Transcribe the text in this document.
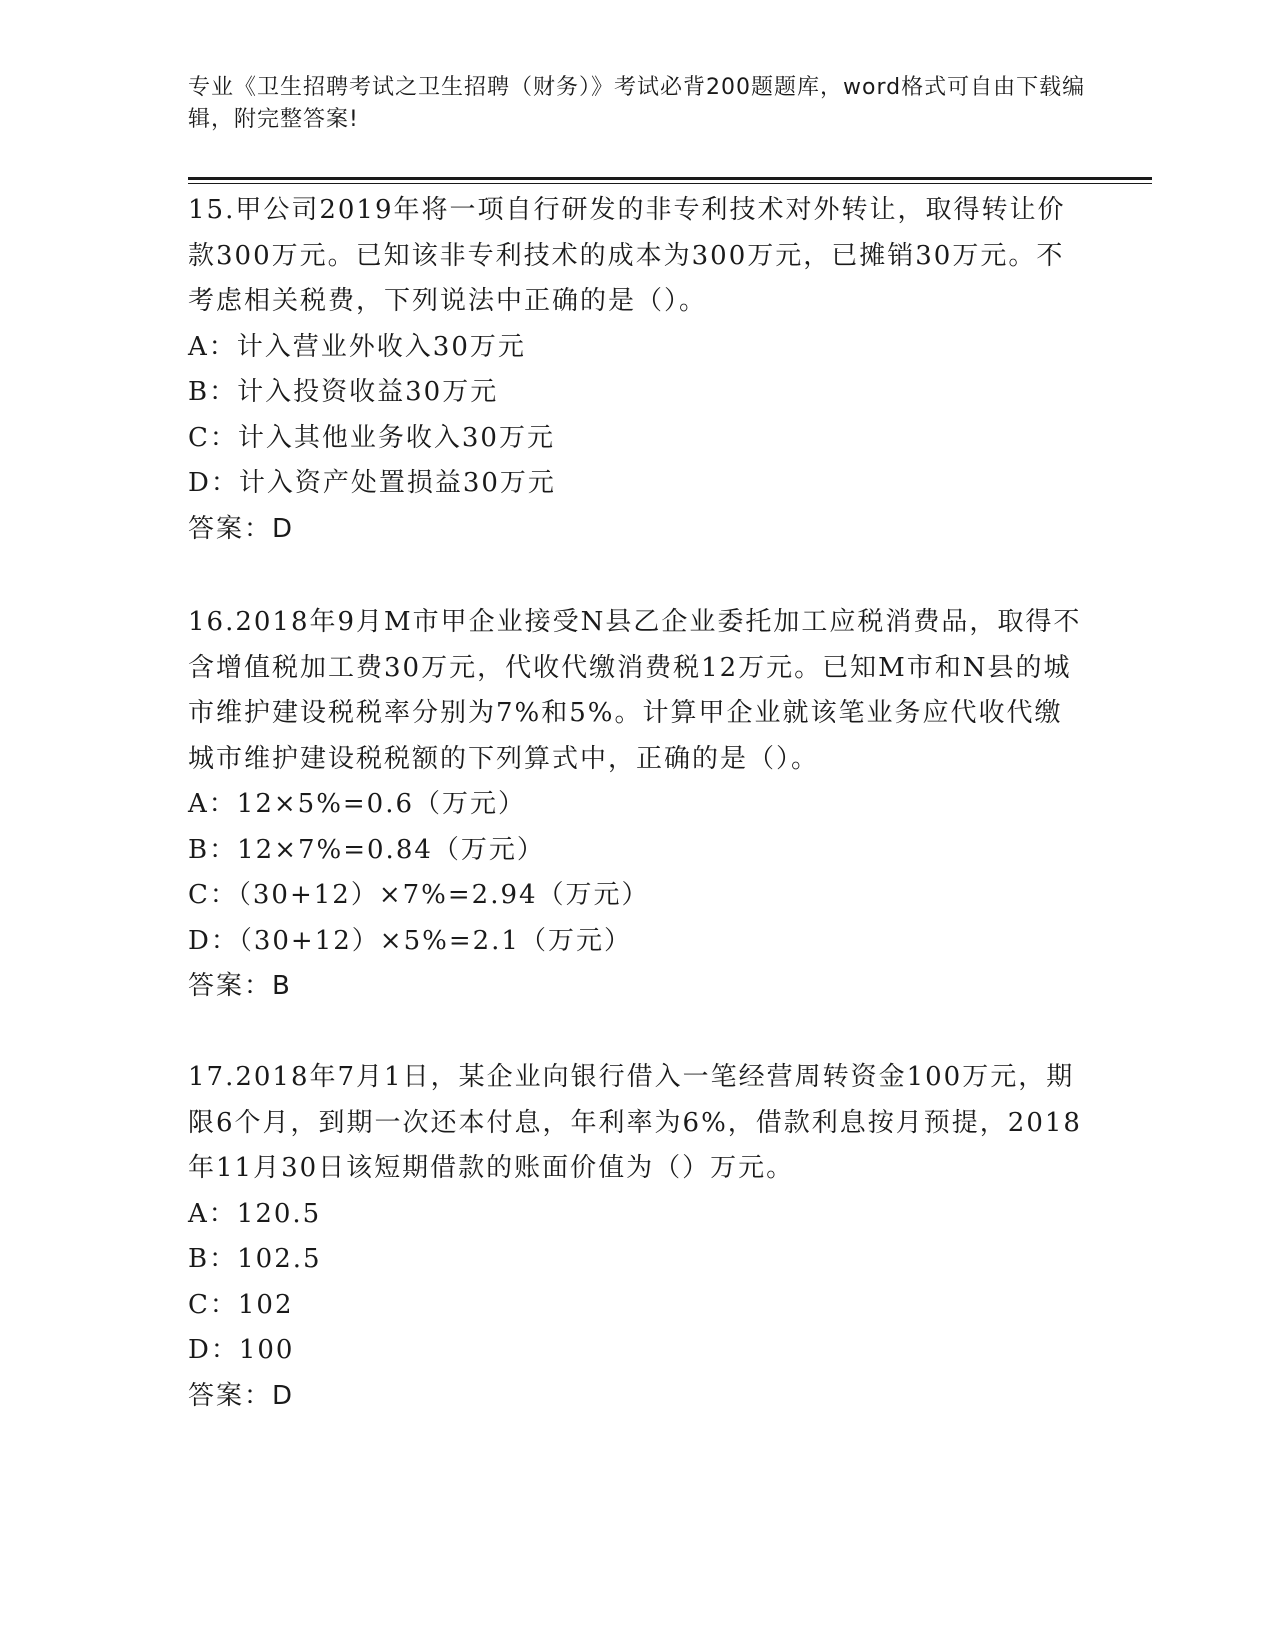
专业《卫生招聘考试之卫生招聘（财务）》考试必背200题题库，word格式可自由下载编辑，附完整答案!

15.甲公司2019年将一项自行研发的非专利技术对外转让，取得转让价款300万元。已知该非专利技术的成本为300万元，已摊销30万元。不考虑相关税费，下列说法中正确的是（）。

A：计入营业外收入30万元

B：计入投资收益30万元

C：计入其他业务收入30万元

D：计入资产处置损益30万元

答案：D

16.2018年9月M市甲企业接受N县乙企业委托加工应税消费品，取得不含增值税加工费30万元，代收代缴消费税12万元。已知M市和N县的城市维护建设税税率分别为7%和5%。计算甲企业就该笔业务应代收代缴城市维护建设税税额的下列算式中，正确的是（）。

A：12×5%=0.6（万元）

B：12×7%=0.84（万元）

C：（30+12）×7%=2.94（万元）

D：（30+12）×5%=2.1（万元）

答案：B

17.2018年7月1日，某企业向银行借入一笔经营周转资金100万元，期限6个月，到期一次还本付息，年利率为6%，借款利息按月预提，2018年11月30日该短期借款的账面价值为（）万元。

A：120.5

B：102.5

C：102

D：100

答案：D
